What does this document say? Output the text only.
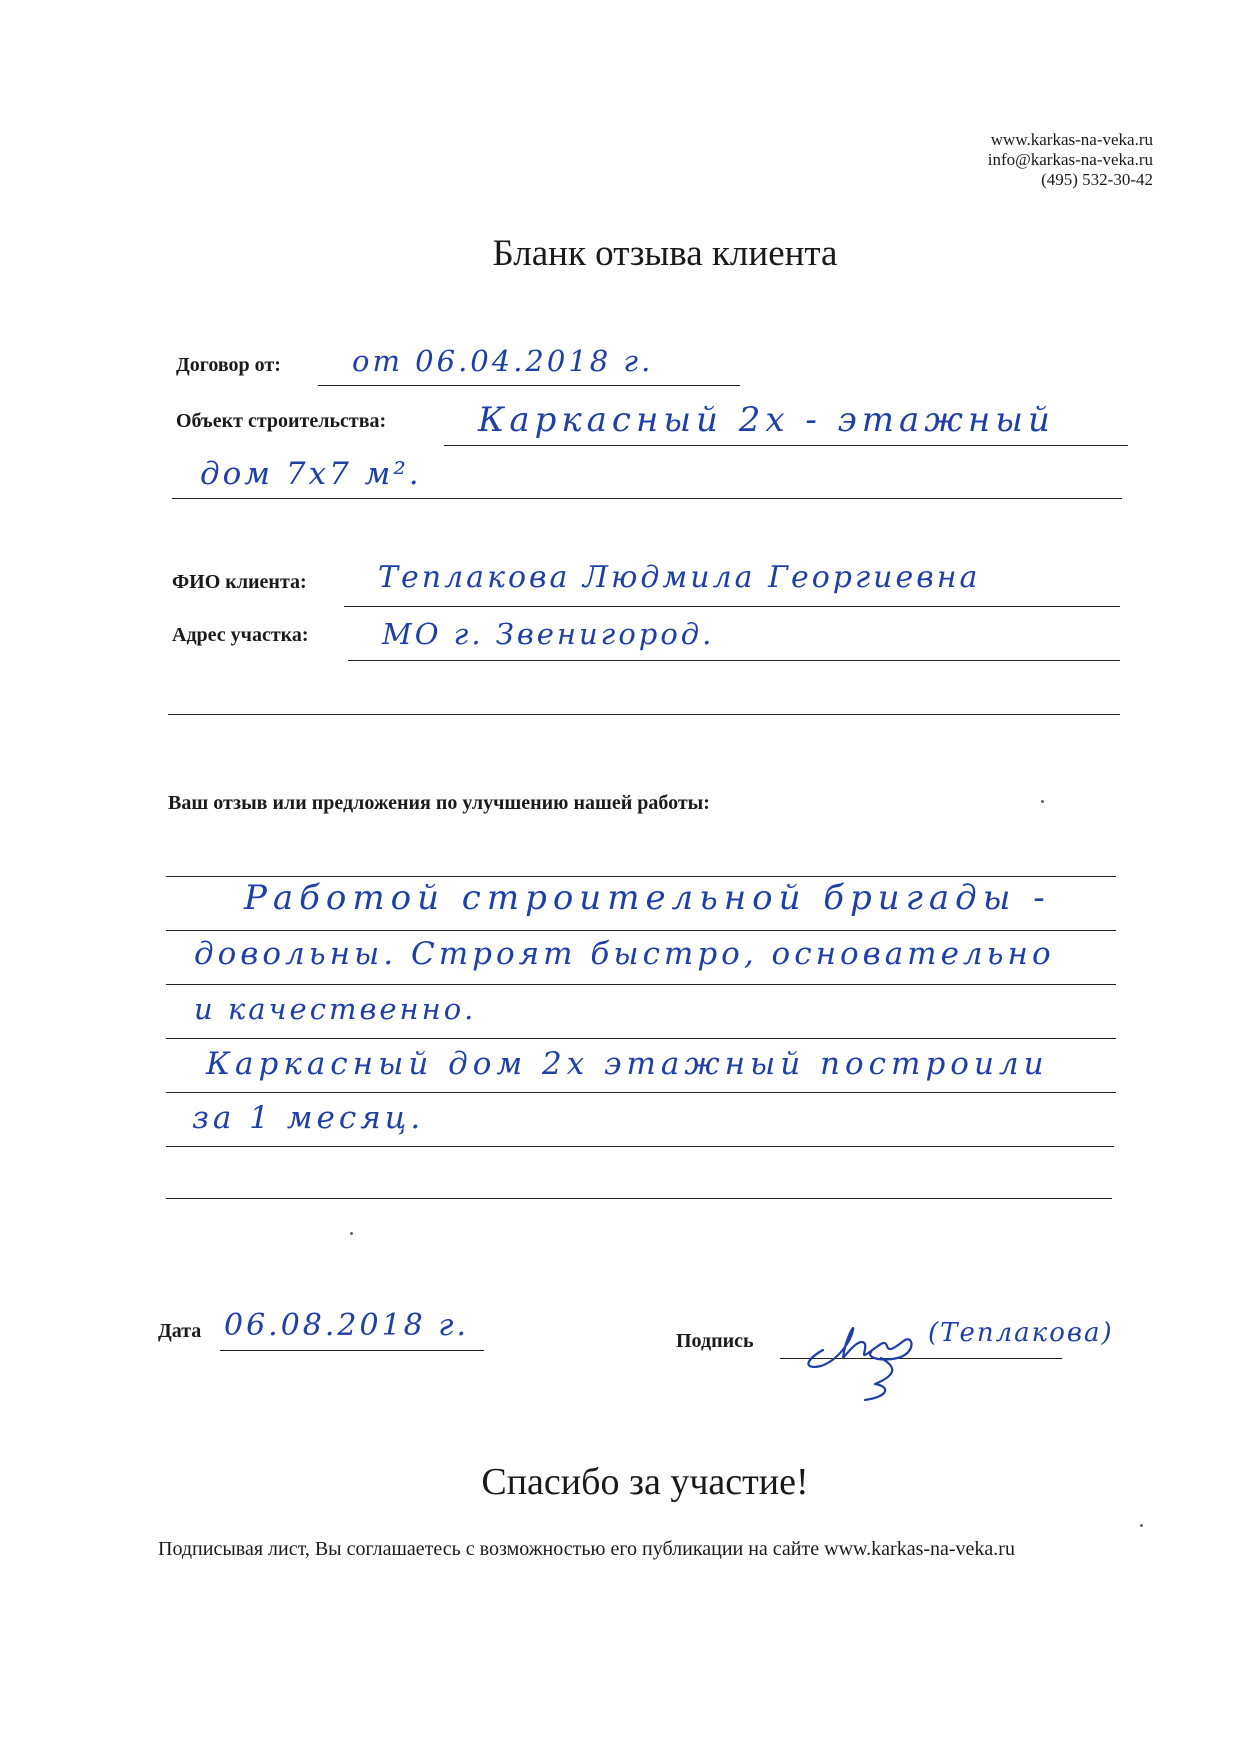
www.karkas-na-veka.ru
info@karkas-na-veka.ru
(495) 532-30-42
Бланк отзыва клиента
Договор от: от 06.04.2018 г.
Объект строительства:	Каркасный 2х - этажный
дом 7х7 м².
ФИО клиента: Теплакова Людмила Георгиевна
Адрес участка:	МО г. Звенигород.
Ваш отзыв или предложения по улучшению нашей работы:
Работой строительной бригады -
довольны. Строят быстро, основательно
и качественно.
Каркасный дом 2х этажный построили
за 1 месяц.
Дата 06.08.2018 г.	Подпись	(Теплакова)
Спасибо за участие!
Подписывая лист, Вы соглашаетесь с возможностью его публикации на сайте www.karkas-na-veka.ru
